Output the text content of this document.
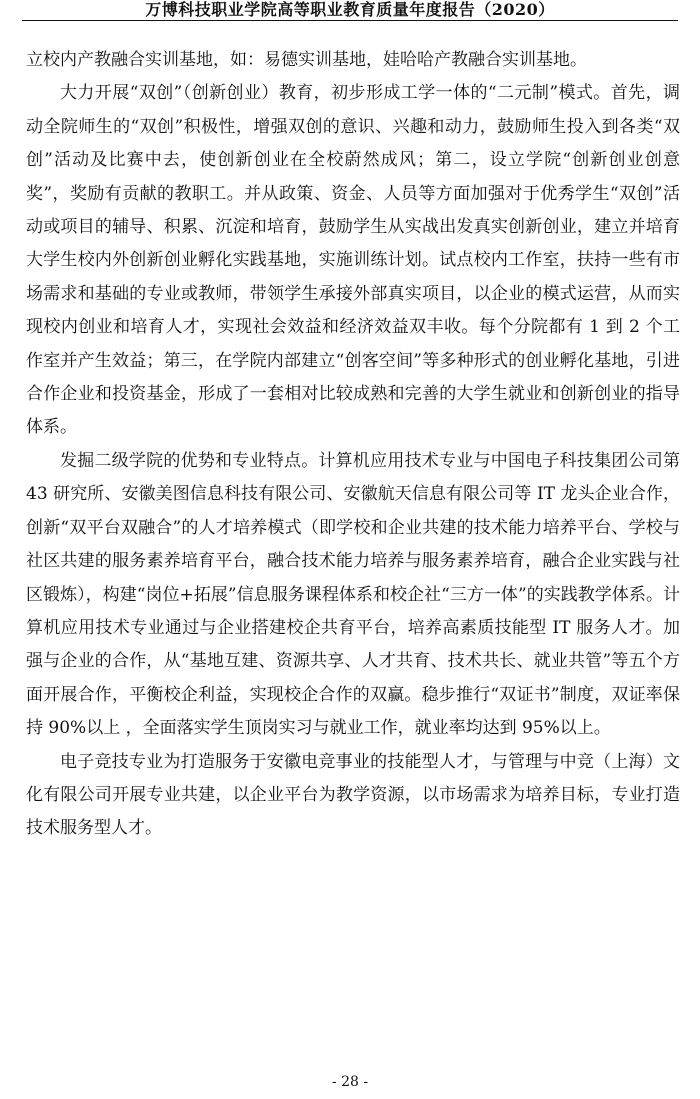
万博科技职业学院高等职业教育质量年度报告（2020）

立校内产教融合实训基地，如：易德实训基地，娃哈哈产教融合实训基地。

大力开展“双创”（创新创业）教育，初步形成工学一体的“二元制”模式。首先，调动全院师生的“双创”积极性，增强双创的意识、兴趣和动力，鼓励师生投入到各类“双创”活动及比赛中去，使创新创业在全校蔚然成风；第二，设立学院“创新创业创意奖”，奖励有贡献的教职工。并从政策、资金、人员等方面加强对于优秀学生“双创”活动或项目的辅导、积累、沉淀和培育，鼓励学生从实战出发真实创新创业，建立并培育大学生校内外创新创业孵化实践基地，实施训练计划。试点校内工作室，扶持一些有市场需求和基础的专业或教师，带领学生承接外部真实项目，以企业的模式运营，从而实现校内创业和培育人才，实现社会效益和经济效益双丰收。每个分院都有 1 到 2 个工作室并产生效益；第三，在学院内部建立“创客空间”等多种形式的创业孵化基地，引进合作企业和投资基金，形成了一套相对比较成熟和完善的大学生就业和创新创业的指导体系。

发掘二级学院的优势和专业特点。计算机应用技术专业与中国电子科技集团公司第 43 研究所、安徽美图信息科技有限公司、安徽航天信息有限公司等 IT 龙头企业合作，创新“双平台双融合”的人才培养模式（即学校和企业共建的技术能力培养平台、学校与社区共建的服务素养培育平台，融合技术能力培养与服务素养培育，融合企业实践与社区锻炼），构建“岗位+拓展”信息服务课程体系和校企社“三方一体”的实践教学体系。计算机应用技术专业通过与企业搭建校企共育平台，培养高素质技能型 IT 服务人才。加强与企业的合作，从“基地互建、资源共享、人才共育、技术共长、就业共管”等五个方面开展合作，平衡校企利益，实现校企合作的双赢。稳步推行“双证书”制度，双证率保持 90%以上 ，全面落实学生顶岗实习与就业工作，就业率均达到 95%以上。

电子竞技专业为打造服务于安徽电竞事业的技能型人才，与管理与中竞（上海）文化有限公司开展专业共建，以企业平台为教学资源，以市场需求为培养目标，专业打造技术服务型人才。

- 28 -
